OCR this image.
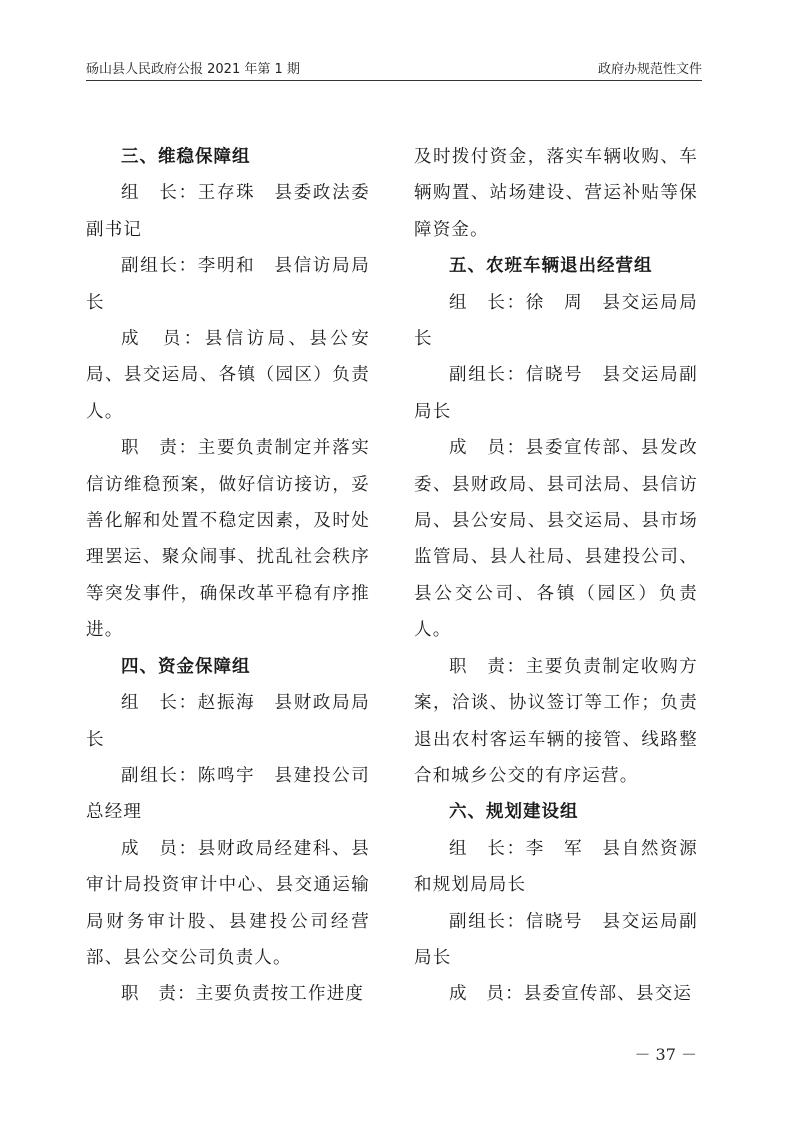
砀山县人民政府公报 2021 年第 1 期	政府办规范性文件
三、维稳保障组

组　长：王存珠　县委政法委副书记

副组长：李明和　县信访局局长

成　员：县信访局、县公安局、县交运局、各镇（园区）负责人。

职　责：主要负责制定并落实信访维稳预案，做好信访接访，妥善化解和处置不稳定因素，及时处理罢运、聚众闹事、扰乱社会秩序等突发事件，确保改革平稳有序推进。

四、资金保障组

组　长：赵振海　县财政局局长

副组长：陈鸣宇　县建投公司总经理

成　员：县财政局经建科、县审计局投资审计中心、县交通运输局财务审计股、县建投公司经营部、县公交公司负责人。

职　责：主要负责按工作进度

及时拨付资金，落实车辆收购、车辆购置、站场建设、营运补贴等保障资金。

五、农班车辆退出经营组

组　长：徐　周　县交运局局长

副组长：信晓号　县交运局副局长

成　员：县委宣传部、县发改委、县财政局、县司法局、县信访局、县公安局、县交运局、县市场监管局、县人社局、县建投公司、县公交公司、各镇（园区）负责人。

职　责：主要负责制定收购方案，洽谈、协议签订等工作；负责退出农村客运车辆的接管、线路整合和城乡公交的有序运营。

六、规划建设组

组　长：李　军　县自然资源和规划局局长

副组长：信晓号　县交运局副局长

成　员：县委宣传部、县交运

－ 37 －
